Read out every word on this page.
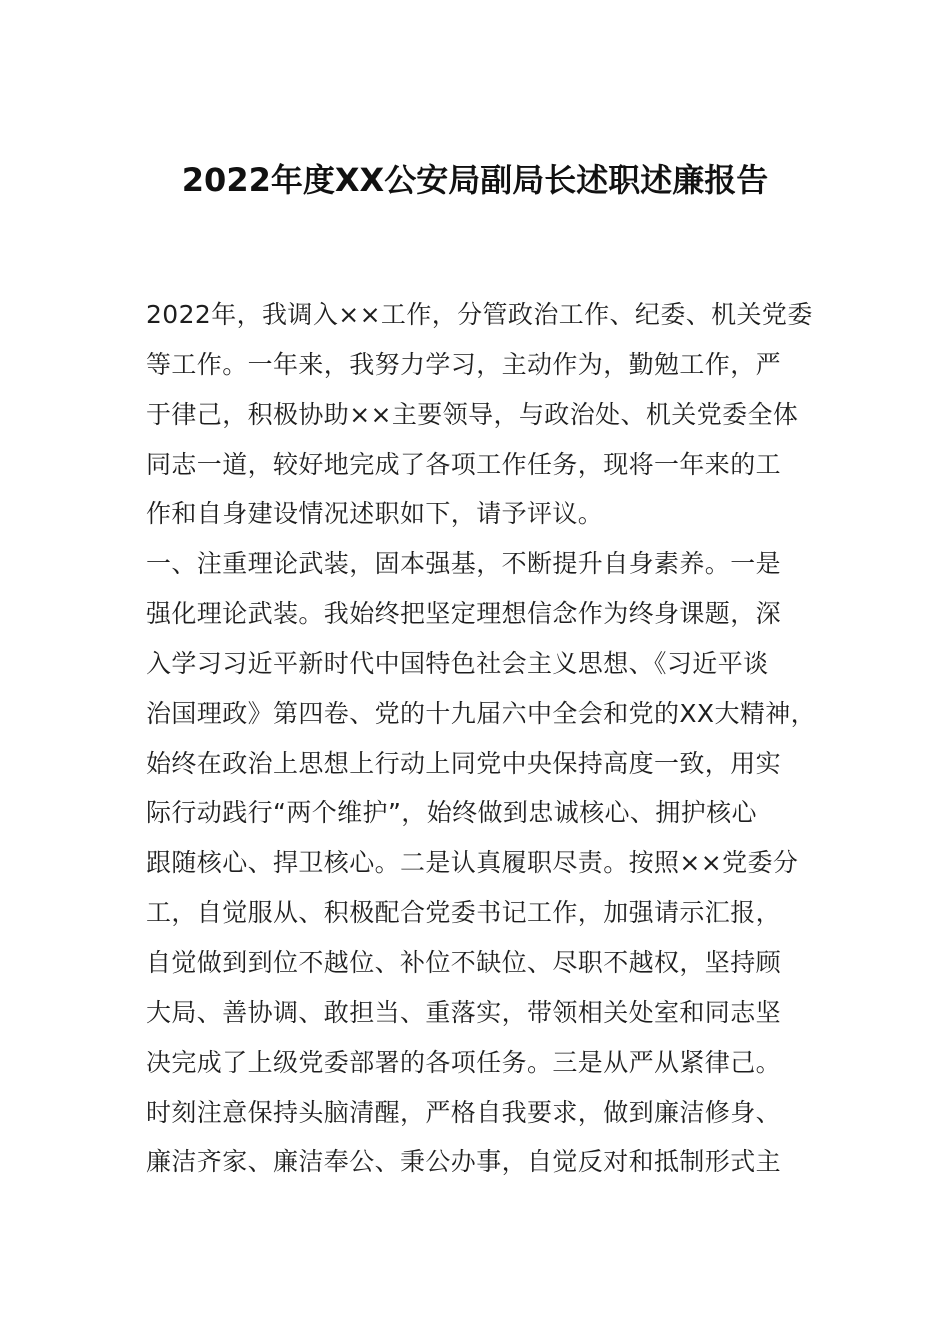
2022年度XX公安局副局长述职述廉报告
2022年，我调入××工作，分管政治工作、纪委、机关党委
等工作。一年来，我努力学习，主动作为，勤勉工作，严
于律己，积极协助××主要领导，与政治处、机关党委全体
同志一道，较好地完成了各项工作任务，现将一年来的工
作和自身建设情况述职如下，请予评议。
一、注重理论武装，固本强基，不断提升自身素养。一是
强化理论武装。我始终把坚定理想信念作为终身课题，深
入学习习近平新时代中国特色社会主义思想、《习近平谈
治国理政》第四卷、党的十九届六中全会和党的XX大精神，
始终在政治上思想上行动上同党中央保持高度一致，用实
际行动践行“两个维护”，始终做到忠诚核心、拥护核心
跟随核心、捍卫核心。二是认真履职尽责。按照××党委分
工，自觉服从、积极配合党委书记工作，加强请示汇报，
自觉做到到位不越位、补位不缺位、尽职不越权，坚持顾
大局、善协调、敢担当、重落实，带领相关处室和同志坚
决完成了上级党委部署的各项任务。三是从严从紧律己。
时刻注意保持头脑清醒，严格自我要求，做到廉洁修身、
廉洁齐家、廉洁奉公、秉公办事，自觉反对和抵制形式主
